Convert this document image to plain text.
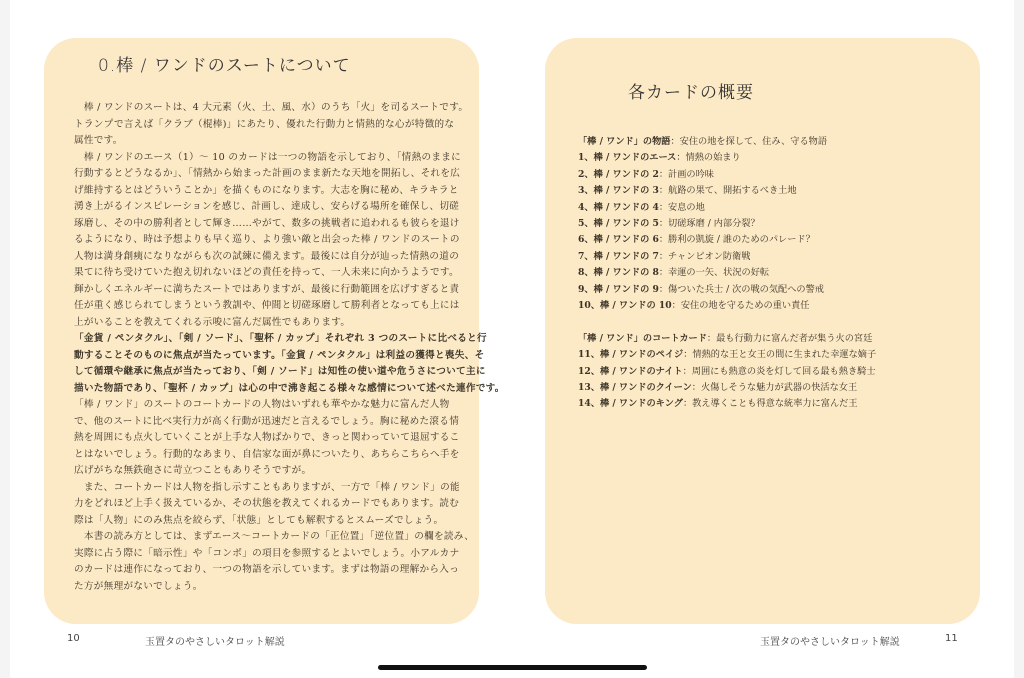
0.棒 / ワンドのスートについて
　棒 / ワンドのスートは、4 大元素（火、土、風、水）のうち「火」を司るスートです。
トランプで言えば「クラブ（棍棒)」にあたり、優れた行動力と情熱的な心が特徴的な
属性です。
　棒 / ワンドのエース（1）～ 10 のカードは一つの物語を示しており、「情熱のままに
行動するとどうなるか」、「情熱から始まった計画のまま新たな天地を開拓し、それを広
げ維持するとはどういうことか」を描くものになります。大志を胸に秘め、キラキラと
湧き上がるインスピレーションを感じ、計画し、達成し、安らげる場所を確保し、切磋
琢磨し、その中の勝利者として輝き……やがて、数多の挑戦者に追われるも彼らを退け
るようになり、時は予想よりも早く巡り、より強い敵と出会った棒 / ワンドのスートの
人物は満身創痍になりながらも次の試練に備えます。最後には自分が辿った情熱の道の
果てに待ち受けていた抱え切れないほどの責任を持って、一人未来に向かうようです。
輝かしくエネルギーに満ちたスートではありますが、最後に行動範囲を広げすぎると責
任が重く感じられてしまうという教訓や、仲間と切磋琢磨して勝利者となっても上には
上がいることを教えてくれる示唆に富んだ属性でもあります。
「金貨 / ペンタクル」、「剣 / ソード」、「聖杯 / カップ」それぞれ 3 つのスートに比べると行
動することそのものに焦点が当たっています。「金貨 / ペンタクル」は利益の獲得と喪失、そ
して循環や継承に焦点が当たっており、「剣 / ソード」は知性の使い道や危うさについて主に
描いた物語であり、「聖杯 / カップ」は心の中で沸き起こる様々な感情について述べた連作です。
「棒 / ワンド」のスートのコートカードの人物はいずれも華やかな魅力に富んだ人物
で、他のスートに比べ実行力が高く行動が迅速だと言えるでしょう。胸に秘めた滾る情
熱を周囲にも点火していくことが上手な人物ばかりで、きっと関わっていて退屈するこ
とはないでしょう。行動的なあまり、自信家な面が鼻についたり、あちらこちらへ手を
広げがちな無鉄砲さに苛立つこともありそうですが。
　また、コートカードは人物を指し示すこともありますが、一方で「棒 / ワンド」の能
力をどれほど上手く扱えているか、その状態を教えてくれるカードでもあります。読む
際は「人物」にのみ焦点を絞らず、「状態」としても解釈するとスムーズでしょう。
　本書の読み方としては、まずエース～コートカードの「正位置」「逆位置」の欄を読み、
実際に占う際に「暗示性」や「コンボ」の項目を参照するとよいでしょう。小アルカナ
のカードは連作になっており、一つの物語を示しています。まずは物語の理解から入っ
た方が無理がないでしょう。
各カードの概要
「棒 / ワンド」の物語：安住の地を探して、住み、守る物語
1、棒 / ワンドのエース：情熱の始まり
2、棒 / ワンドの 2：計画の吟味
3、棒 / ワンドの 3：航路の果て、開拓するべき土地
4、棒 / ワンドの 4：安息の地
5、棒 / ワンドの 5：切磋琢磨 / 内部分裂？
6、棒 / ワンドの 6：勝利の凱旋 / 誰のためのパレード？
7、棒 / ワンドの 7：チャンピオン防衛戦
8、棒 / ワンドの 8：幸運の一矢、状況の好転
9、棒 / ワンドの 9：傷ついた兵士 / 次の戦の気配への警戒
10、棒 / ワンドの 10：安住の地を守るための重い責任
「棒 / ワンド」のコートカード：最も行動力に富んだ者が集う火の宮廷
11、棒 / ワンドのペイジ：情熱的な王と女王の間に生まれた幸運な嫡子
12、棒 / ワンドのナイト：周囲にも熱意の炎を灯して回る最も熱き騎士
13、棒 / ワンドのクイーン：火傷しそうな魅力が武器の快活な女王
14、棒 / ワンドのキング：教え導くことも得意な統率力に富んだ王
10	玉置タのやさしいタロット解説	玉置タのやさしいタロット解説	11
